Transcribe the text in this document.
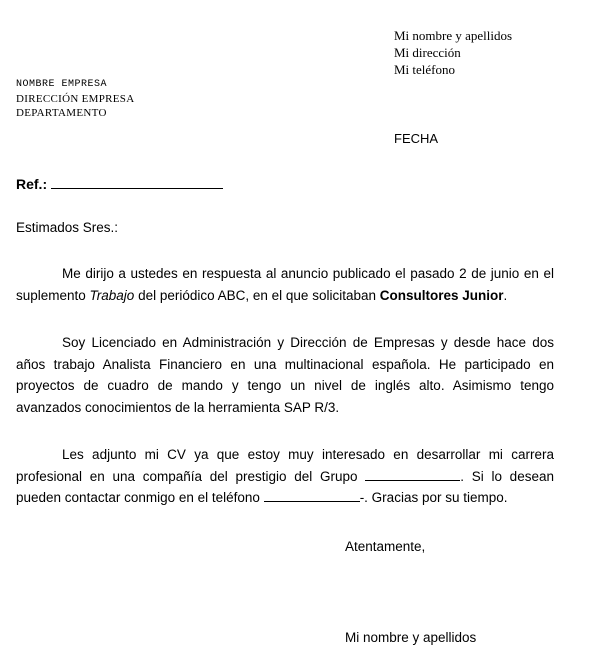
Mi nombre y apellidos
Mi dirección
Mi teléfono
NOMBRE EMPRESA
DIRECCIÓN EMPRESA
DEPARTAMENTO
FECHA
Ref.:
Estimados Sres.:
Me dirijo a ustedes en respuesta al anuncio publicado el pasado 2 de junio en el suplemento Trabajo del periódico ABC, en el que solicitaban Consultores Junior.
Soy Licenciado en Administración y Dirección de Empresas y desde hace dos años trabajo Analista Financiero en una multinacional española. He participado en proyectos de cuadro de mando y tengo un nivel de inglés alto. Asimismo tengo avanzados conocimientos de la herramienta SAP R/3.
Les adjunto mi CV ya que estoy muy interesado en desarrollar mi carrera profesional en una compañía del prestigio del Grupo	. Si lo desean pueden contactar conmigo en el teléfono	-. Gracias por su tiempo.
Atentamente,
Mi nombre y apellidos
